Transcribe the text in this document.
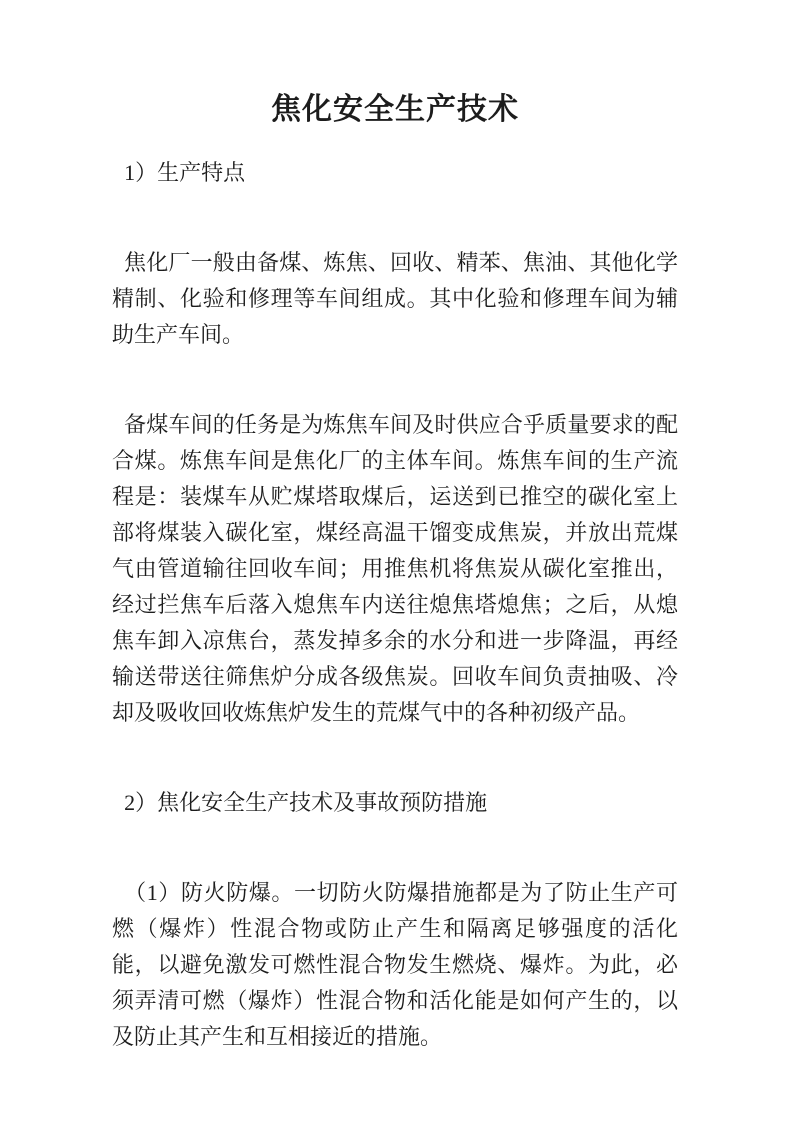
焦化安全生产技术
1）生产特点
焦化厂一般由备煤、炼焦、回收、精苯、焦油、其他化学精制、化验和修理等车间组成。其中化验和修理车间为辅助生产车间。
备煤车间的任务是为炼焦车间及时供应合乎质量要求的配合煤。炼焦车间是焦化厂的主体车间。炼焦车间的生产流程是：装煤车从贮煤塔取煤后，运送到已推空的碳化室上部将煤装入碳化室，煤经高温干馏变成焦炭，并放出荒煤气由管道输往回收车间；用推焦机将焦炭从碳化室推出，经过拦焦车后落入熄焦车内送往熄焦塔熄焦；之后，从熄焦车卸入凉焦台，蒸发掉多余的水分和进一步降温，再经输送带送往筛焦炉分成各级焦炭。回收车间负责抽吸、冷却及吸收回收炼焦炉发生的荒煤气中的各种初级产品。
2）焦化安全生产技术及事故预防措施
（1）防火防爆。一切防火防爆措施都是为了防止生产可燃（爆炸）性混合物或防止产生和隔离足够强度的活化能，以避免激发可燃性混合物发生燃烧、爆炸。为此，必须弄清可燃（爆炸）性混合物和活化能是如何产生的，以及防止其产生和互相接近的措施。
